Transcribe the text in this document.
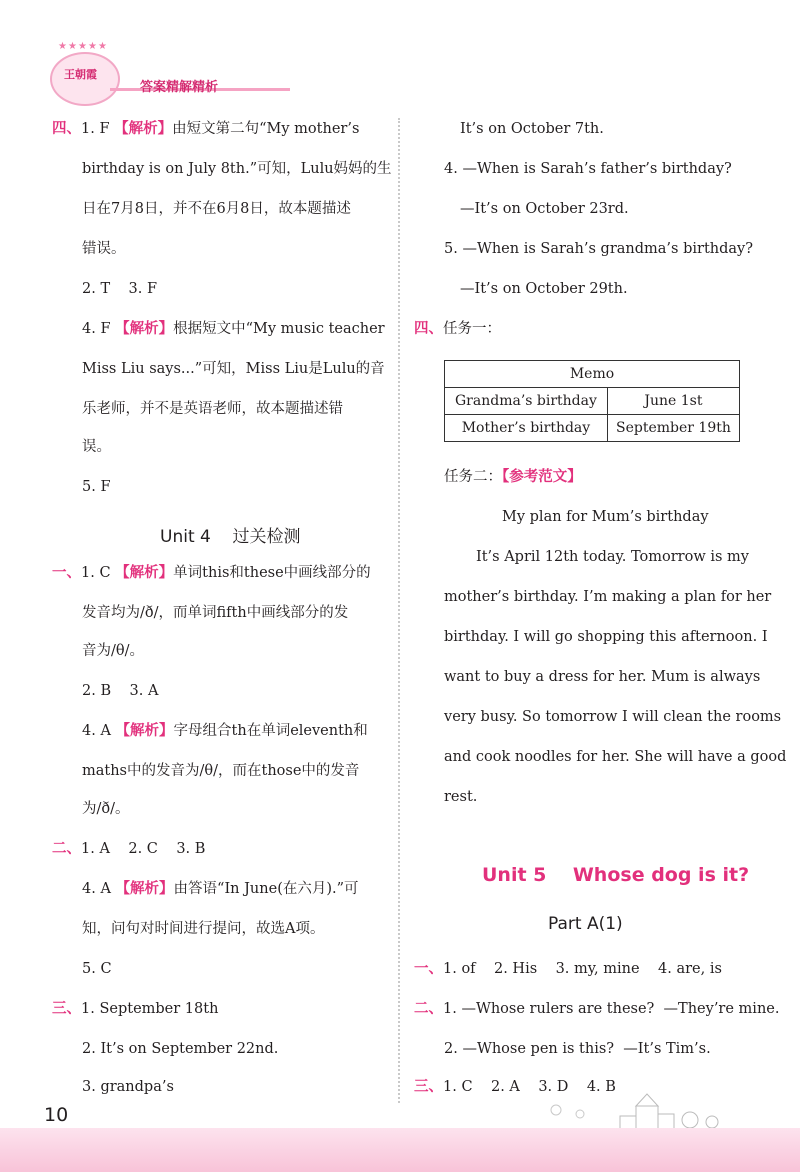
★ ★ ★ ★ ★
王朝霞
答案精解精析
四、1. F 【解析】由短文第二句“My mother’s
birthday is on July 8th.”可知，Lulu妈妈的生
日在7月8日，并不在6月8日，故本题描述
错误。
2. T    3. F
4. F 【解析】根据短文中“My music teacher
Miss Liu says...”可知，Miss Liu是Lulu的音
乐老师，并不是英语老师，故本题描述错
误。
5. F
Unit 4    过关检测
一、1. C 【解析】单词this和these中画线部分的
发音均为/ð/，而单词fifth中画线部分的发
音为/θ/。
2. B    3. A
4. A 【解析】字母组合th在单词eleventh和
maths中的发音为/θ/，而在those中的发音
为/ð/。
二、1. A    2. C    3. B
4. A 【解析】由答语“In June(在六月).”可
知，问句对时间进行提问，故选A项。
5. C
三、1. September 18th
2. It’s on September 22nd.
3. grandpa’s
It’s on October 7th.
4. —When is Sarah’s father’s birthday?
—It’s on October 23rd.
5. —When is Sarah’s grandma’s birthday?
—It’s on October 29th.
四、任务一：
Memo	
Grandma’s birthday	June 1st
Mother’s birthday	September 19th
任务二：【参考范文】
My plan for Mum’s birthday
It’s April 12th today. Tomorrow is my
mother’s birthday. I’m making a plan for her
birthday. I will go shopping this afternoon. I
want to buy a dress for her. Mum is always
very busy. So tomorrow I will clean the rooms
and cook noodles for her. She will have a good
rest.
Unit 5    Whose dog is it?
Part A(1)
一、1. of    2. His    3. my, mine    4. are, is
二、1. —Whose rulers are these?  —They’re mine.
2. —Whose pen is this?  —It’s Tim’s.
三、1. C    2. A    3. D    4. B
10
